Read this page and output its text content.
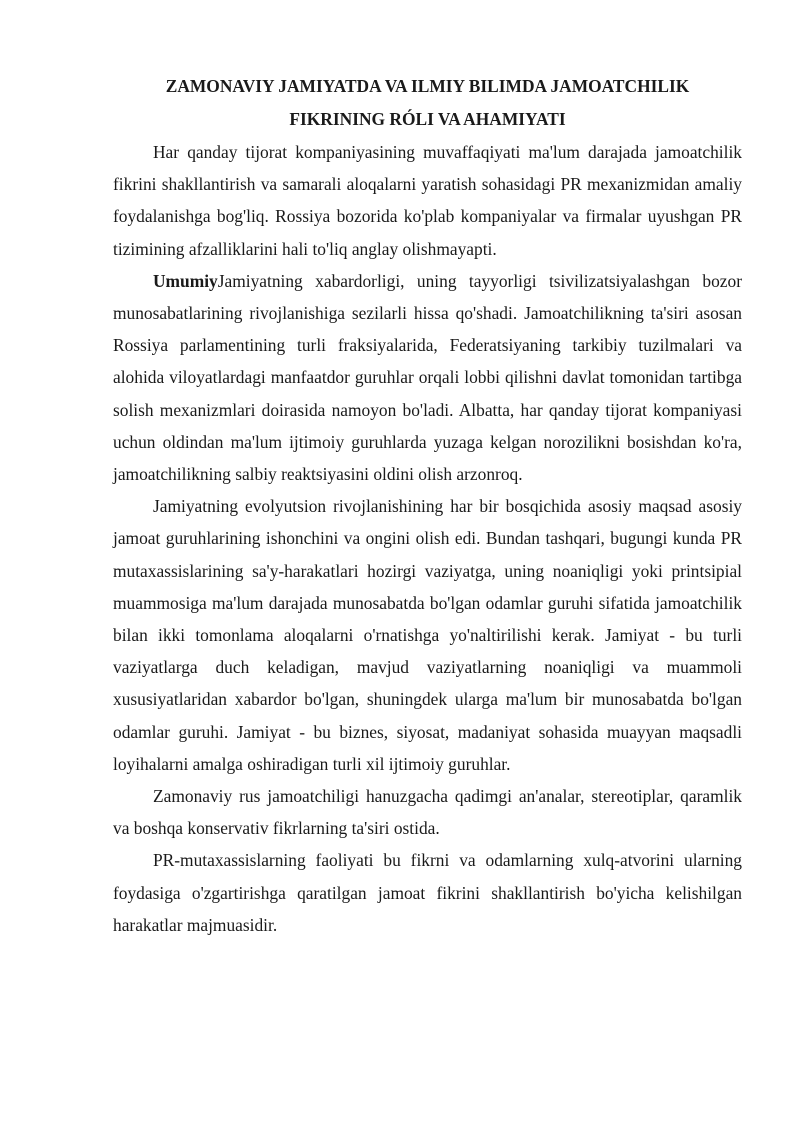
ZAMONAVIY JAMIYATDA VA ILMIY BILIMDA JAMOATCHILIK
FIKRINING RÓLI VA AHAMIYATI

Har qanday tijorat kompaniyasining muvaffaqiyati ma'lum darajada jamoatchilik fikrini shakllantirish va samarali aloqalarni yaratish sohasidagi PR mexanizmidan amaliy foydalanishga bog'liq. Rossiya bozorida ko'plab kompaniyalar va firmalar uyushgan PR tizimining afzalliklarini hali to'liq anglay olishmayapti.

UmumiyJamiyatning xabardorligi, uning tayyorligi tsivilizatsiyalashgan bozor munosabatlarining rivojlanishiga sezilarli hissa qo'shadi. Jamoatchilikning ta'siri asosan Rossiya parlamentining turli fraksiyalarida, Federatsiyaning tarkibiy tuzilmalari va alohida viloyatlardagi manfaatdor guruhlar orqali lobbi qilishni davlat tomonidan tartibga solish mexanizmlari doirasida namoyon bo'ladi. Albatta, har qanday tijorat kompaniyasi uchun oldindan ma'lum ijtimoiy guruhlarda yuzaga kelgan norozilikni bosishdan ko'ra, jamoatchilikning salbiy reaktsiyasini oldini olish arzonroq.

Jamiyatning evolyutsion rivojlanishining har bir bosqichida asosiy maqsad asosiy jamoat guruhlarining ishonchini va ongini olish edi. Bundan tashqari, bugungi kunda PR mutaxassislarining sa'y-harakatlari hozirgi vaziyatga, uning noaniqligi yoki printsipial muammosiga ma'lum darajada munosabatda bo'lgan odamlar guruhi sifatida jamoatchilik bilan ikki tomonlama aloqalarni o'rnatishga yo'naltirilishi kerak. Jamiyat - bu turli vaziyatlarga duch keladigan, mavjud vaziyatlarning noaniqligi va muammoli xususiyatlaridan xabardor bo'lgan, shuningdek ularga ma'lum bir munosabatda bo'lgan odamlar guruhi. Jamiyat - bu biznes, siyosat, madaniyat sohasida muayyan maqsadli loyihalarni amalga oshiradigan turli xil ijtimoiy guruhlar.

Zamonaviy rus jamoatchiligi hanuzgacha qadimgi an'analar, stereotiplar, qaramlik va boshqa konservativ fikrlarning ta'siri ostida.

PR-mutaxassislarning faoliyati bu fikrni va odamlarning xulq-atvorini ularning foydasiga o'zgartirishga qaratilgan jamoat fikrini shakllantirish bo'yicha kelishilgan harakatlar majmuasidir.
